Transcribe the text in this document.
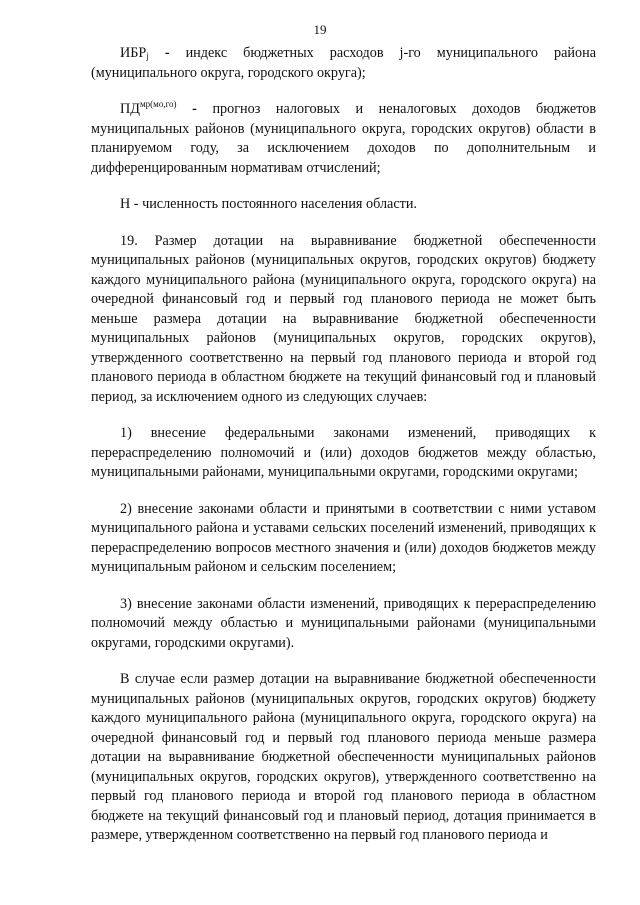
19

$ИБР_j$ - индекс бюджетных расходов j-го муниципального района (муниципального округа, городского округа);

$ПД^{мр(мо,го)}$ - прогноз налоговых и неналоговых доходов бюджетов муниципальных районов (муниципального округа, городских округов) области в планируемом году, за исключением доходов по дополнительным и дифференцированным нормативам отчислений;

Н - численность постоянного населения области.

19. Размер дотации на выравнивание бюджетной обеспеченности муниципальных районов (муниципальных округов, городских округов) бюджету каждого муниципального района (муниципального округа, городского округа) на очередной финансовый год и первый год планового периода не может быть меньше размера дотации на выравнивание бюджетной обеспеченности муниципальных районов (муниципальных округов, городских округов), утвержденного соответственно на первый год планового периода и второй год планового периода в областном бюджете на текущий финансовый год и плановый период, за исключением одного из следующих случаев:

1) внесение федеральными законами изменений, приводящих к перераспределению полномочий и (или) доходов бюджетов между областью, муниципальными районами, муниципальными округами, городскими округами;

2) внесение законами области и принятыми в соответствии с ними уставом муниципального района и уставами сельских поселений изменений, приводящих к перераспределению вопросов местного значения и (или) доходов бюджетов между муниципальным районом и сельским поселением;

3) внесение законами области изменений, приводящих к перераспределению полномочий между областью и муниципальными районами (муниципальными округами, городскими округами).

В случае если размер дотации на выравнивание бюджетной обеспеченности муниципальных районов (муниципальных округов, городских округов) бюджету каждого муниципального района (муниципального округа, городского округа) на очередной финансовый год и первый год планового периода меньше размера дотации на выравнивание бюджетной обеспеченности муниципальных районов (муниципальных округов, городских округов), утвержденного соответственно на первый год планового периода и второй год планового периода в областном бюджете на текущий финансовый год и плановый период, дотация принимается в размере, утвержденном соответственно на первый год планового периода и
